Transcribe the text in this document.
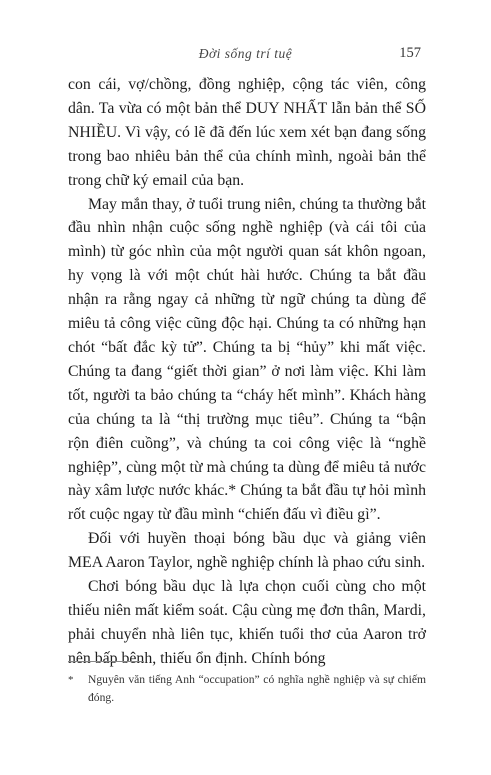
Đời sống trí tuệ	157

con cái, vợ/chồng, đồng nghiệp, cộng tác viên, công dân. Ta vừa có một bản thể DUY NHẤT lẫn bản thể SỐ NHIỀU. Vì vậy, có lẽ đã đến lúc xem xét bạn đang sống trong bao nhiêu bản thể của chính mình, ngoài bản thể trong chữ ký email của bạn.

May mắn thay, ở tuổi trung niên, chúng ta thường bắt đầu nhìn nhận cuộc sống nghề nghiệp (và cái tôi của mình) từ góc nhìn của một người quan sát khôn ngoan, hy vọng là với một chút hài hước. Chúng ta bắt đầu nhận ra rằng ngay cả những từ ngữ chúng ta dùng để miêu tả công việc cũng độc hại. Chúng ta có những hạn chót “bất đắc kỳ tử”. Chúng ta bị “hủy” khi mất việc. Chúng ta đang “giết thời gian” ở nơi làm việc. Khi làm tốt, người ta bảo chúng ta “cháy hết mình”. Khách hàng của chúng ta là “thị trường mục tiêu”. Chúng ta “bận rộn điên cuồng”, và chúng ta coi công việc là “nghề nghiệp”, cùng một từ mà chúng ta dùng để miêu tả nước này xâm lược nước khác.* Chúng ta bắt đầu tự hỏi mình rốt cuộc ngay từ đầu mình “chiến đấu vì điều gì”.

Đối với huyền thoại bóng bầu dục và giảng viên MEA Aaron Taylor, nghề nghiệp chính là phao cứu sinh.

Chơi bóng bầu dục là lựa chọn cuối cùng cho một thiếu niên mất kiểm soát. Cậu cùng mẹ đơn thân, Mardi, phải chuyển nhà liên tục, khiến tuổi thơ của Aaron trở nên bấp bênh, thiếu ổn định. Chính bóng

*	Nguyên văn tiếng Anh “occupation” có nghĩa nghề nghiệp và sự chiếm đóng.
